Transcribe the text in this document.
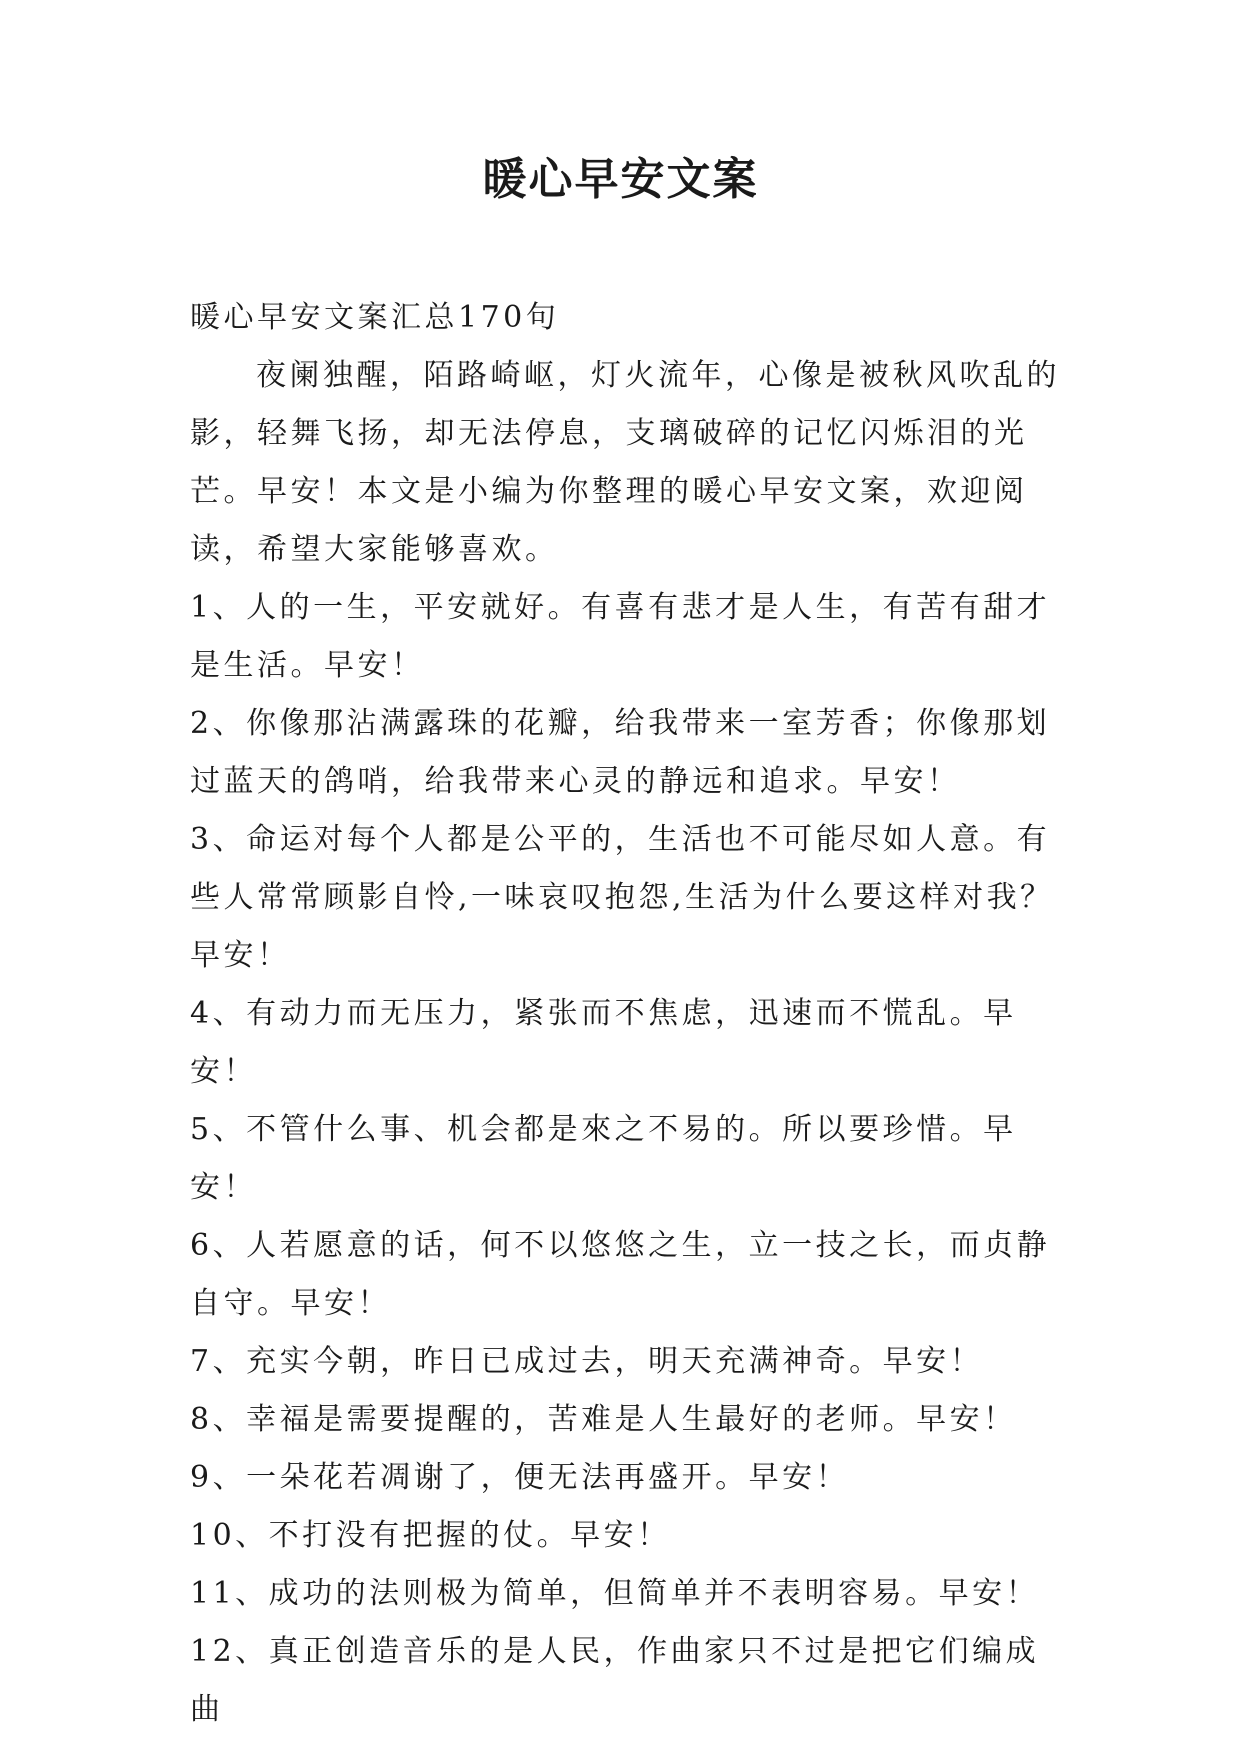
暖心早安文案

暖心早安文案汇总170句

夜阑独醒，陌路崎岖，灯火流年，心像是被秋风吹乱的影，轻舞飞扬，却无法停息，支璃破碎的记忆闪烁泪的光芒。早安！本文是小编为你整理的暖心早安文案，欢迎阅读，希望大家能够喜欢。

1、人的一生，平安就好。有喜有悲才是人生，有苦有甜才是生活。早安！

2、你像那沾满露珠的花瓣，给我带来一室芳香；你像那划过蓝天的鸽哨，给我带来心灵的静远和追求。早安！

3、命运对每个人都是公平的，生活也不可能尽如人意。有些人常常顾影自怜,一味哀叹抱怨,生活为什么要这样对我？早安！

4、有动力而无压力，紧张而不焦虑，迅速而不慌乱。早安！

5、不管什么事、机会都是來之不易的。所以要珍惜。早安！

6、人若愿意的话，何不以悠悠之生，立一技之长，而贞静自守。早安！

7、充实今朝，昨日已成过去，明天充满神奇。早安！

8、幸福是需要提醒的，苦难是人生最好的老师。早安！

9、一朵花若凋谢了，便无法再盛开。早安！

10、不打没有把握的仗。早安！

11、成功的法则极为简单，但简单并不表明容易。早安！

12、真正创造音乐的是人民，作曲家只不过是把它们编成曲
